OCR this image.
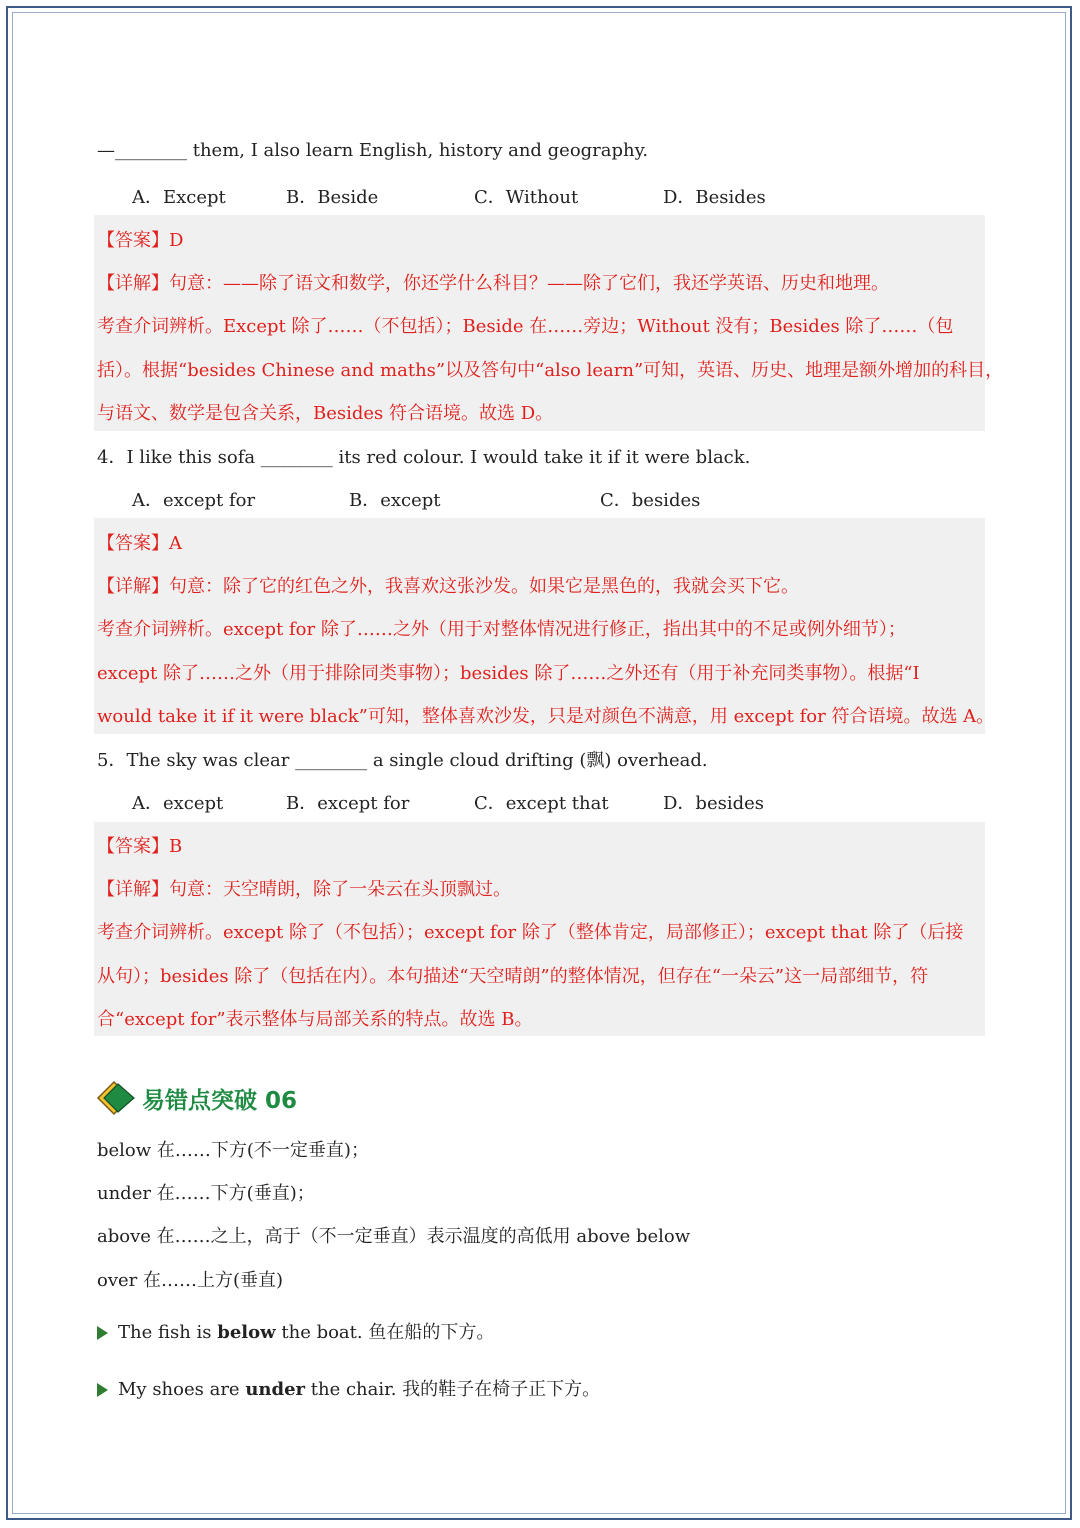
—________ them, I also learn English, history and geography.
A．Except	B．Beside	C．Without	D．Besides
【答案】D
【详解】句意：——除了语文和数学，你还学什么科目？——除了它们，我还学英语、历史和地理。
考查介词辨析。Except 除了……（不包括）；Beside 在……旁边；Without 没有；Besides 除了……（包
括）。根据“besides Chinese and maths”以及答句中“also learn”可知，英语、历史、地理是额外增加的科目，
与语文、数学是包含关系，Besides 符合语境。故选 D。
4．I like this sofa ________ its red colour. I would take it if it were black.
A．except for	B．except	C．besides
【答案】A
【详解】句意：除了它的红色之外，我喜欢这张沙发。如果它是黑色的，我就会买下它。
考查介词辨析。except for 除了……之外（用于对整体情况进行修正，指出其中的不足或例外细节）；
except 除了……之外（用于排除同类事物）；besides 除了……之外还有（用于补充同类事物）。根据“I
would take it if it were black”可知，整体喜欢沙发，只是对颜色不满意，用 except for 符合语境。故选 A。
5．The sky was clear ________ a single cloud drifting (飘) overhead.
A．except	B．except for	C．except that	D．besides
【答案】B
【详解】句意：天空晴朗，除了一朵云在头顶飘过。
考查介词辨析。except 除了（不包括）；except for 除了（整体肯定，局部修正）；except that 除了（后接
从句）；besides 除了（包括在内）。本句描述“天空晴朗”的整体情况，但存在“一朵云”这一局部细节，符
合“except for”表示整体与局部关系的特点。故选 B。
易错点突破 06
below 在……下方(不一定垂直)；
under 在……下方(垂直)；
above 在……之上，高于（不一定垂直）表示温度的高低用 above below
over 在……上方(垂直)
The fish is below the boat. 鱼在船的下方。
My shoes are under the chair. 我的鞋子在椅子正下方。
